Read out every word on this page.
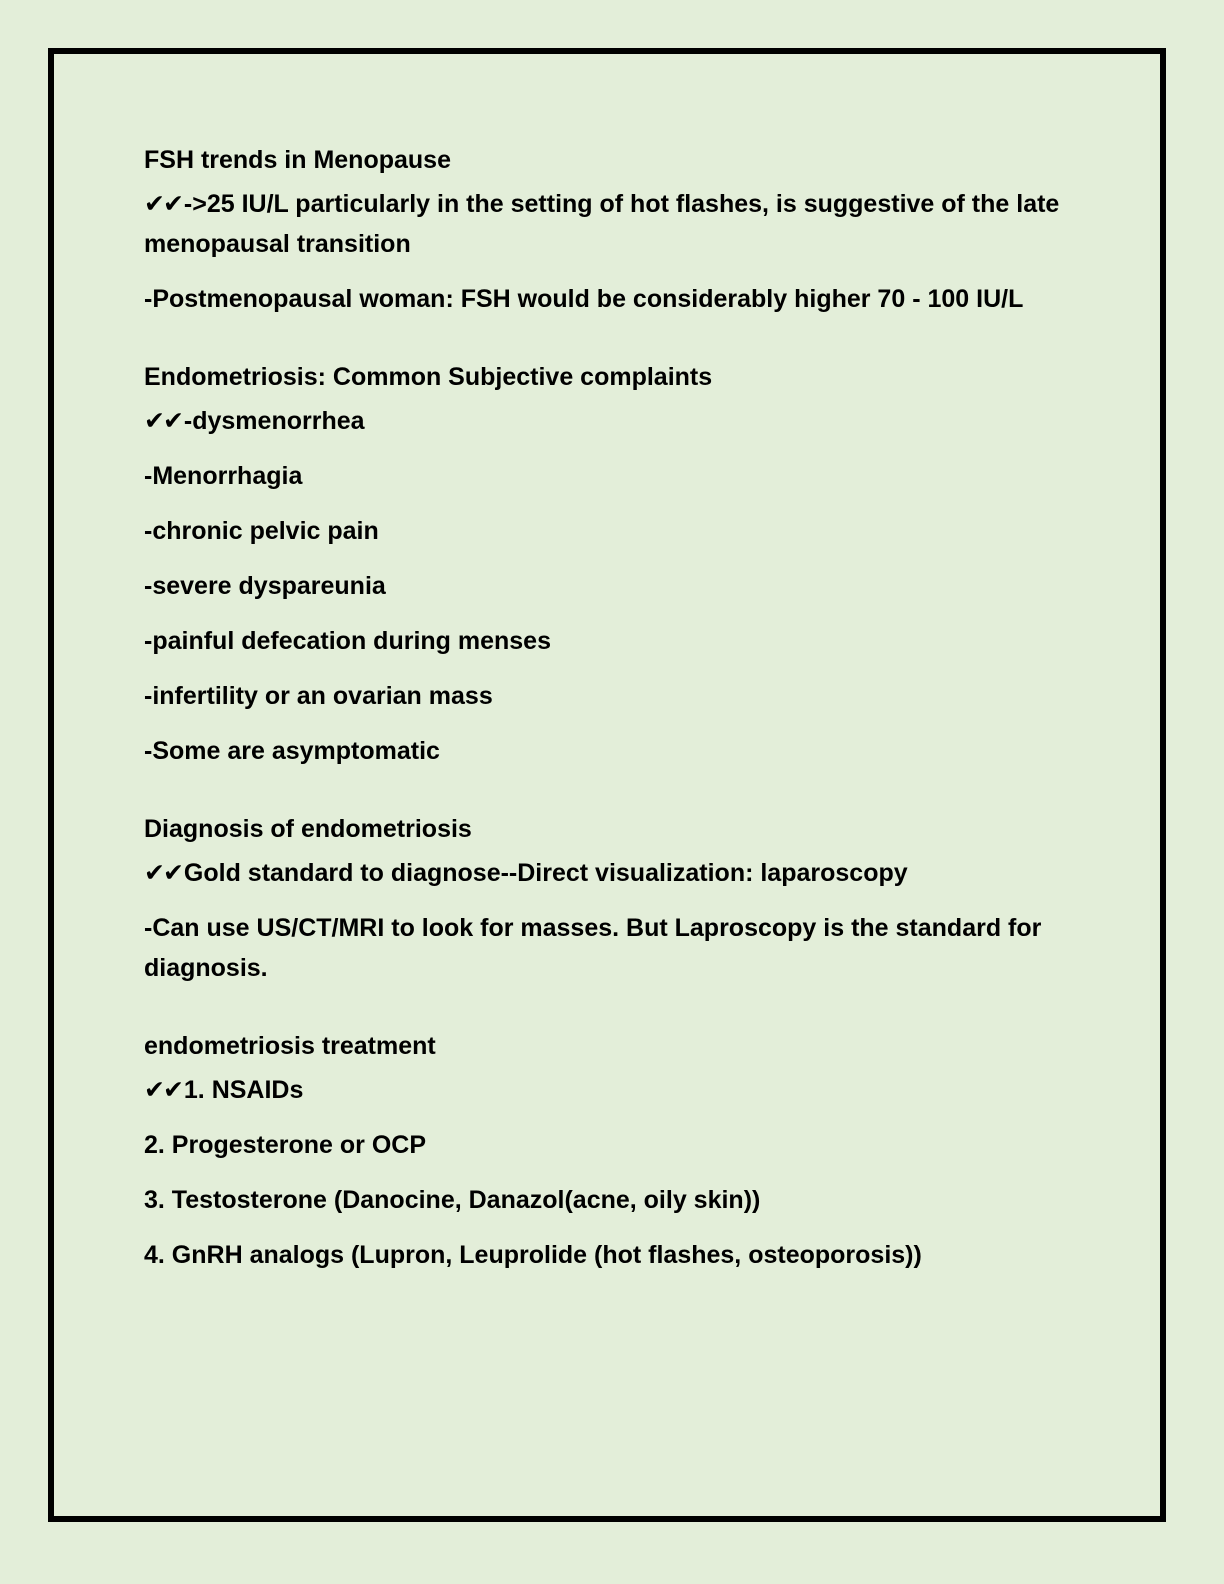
FSH trends in Menopause

✔✔->25 IU/L particularly in the setting of hot flashes, is suggestive of the late menopausal transition

-Postmenopausal woman: FSH would be considerably higher 70 - 100 IU/L

Endometriosis: Common Subjective complaints

✔✔-dysmenorrhea

-Menorrhagia

-chronic pelvic pain

-severe dyspareunia

-painful defecation during menses

-infertility or an ovarian mass

-Some are asymptomatic

Diagnosis of endometriosis

✔✔Gold standard to diagnose--Direct visualization: laparoscopy

-Can use US/CT/MRI to look for masses. But Laproscopy is the standard for diagnosis.

endometriosis treatment

✔✔1. NSAIDs

2. Progesterone or OCP

3. Testosterone (Danocine, Danazol(acne, oily skin))

4. GnRH analogs (Lupron, Leuprolide (hot flashes, osteoporosis))
